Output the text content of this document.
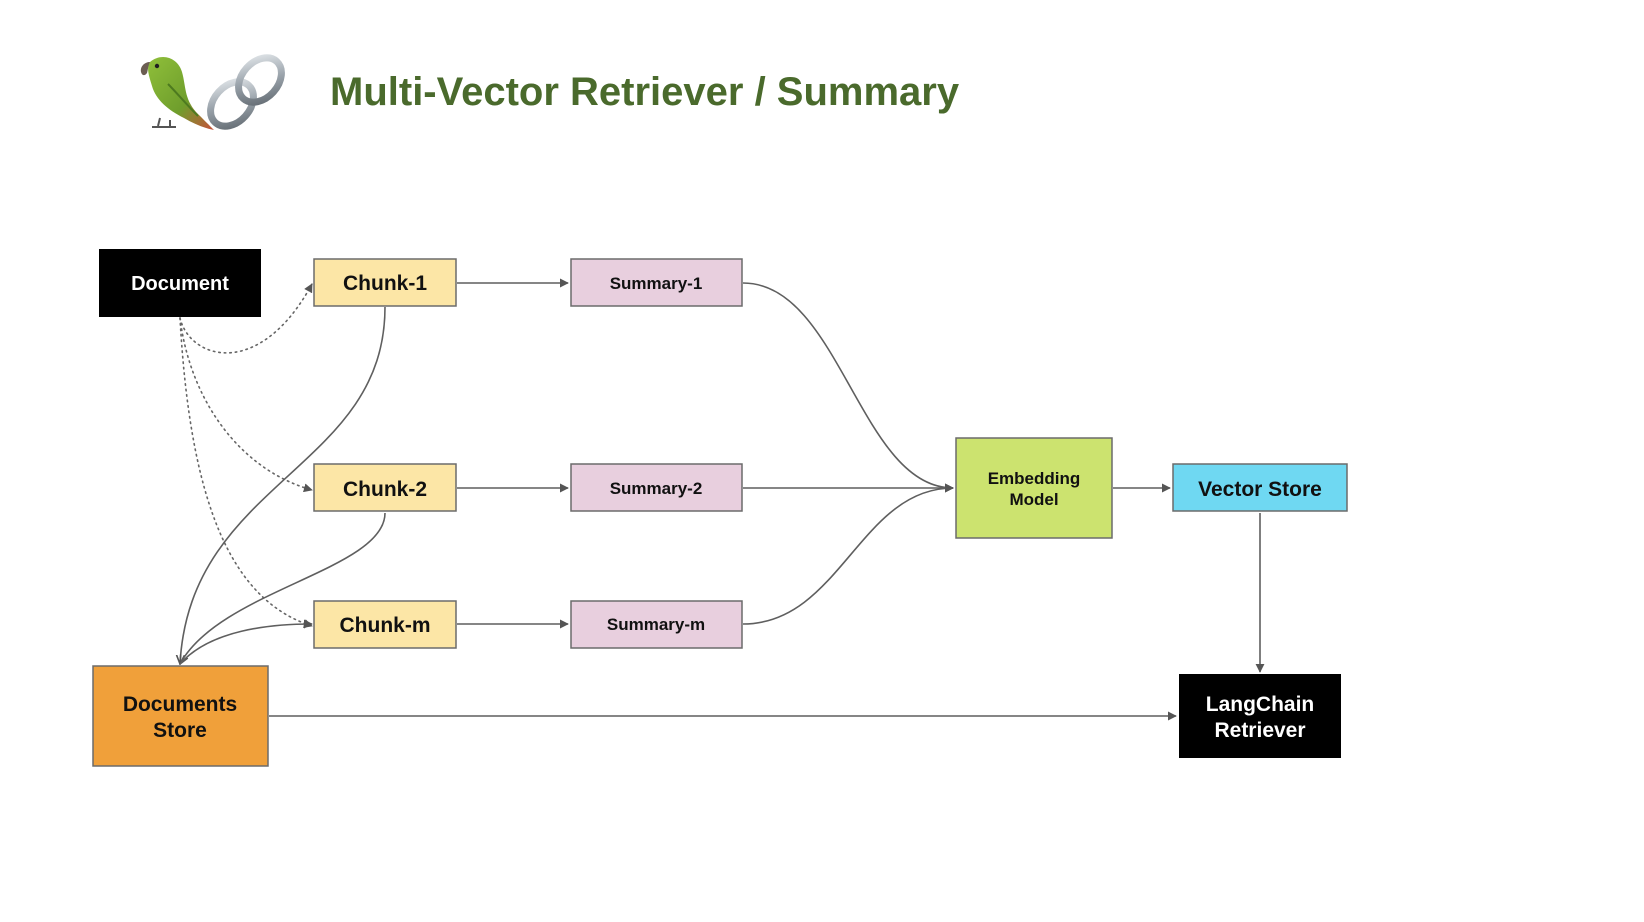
Multi-Vector Retriever / Summary
Document	Chunk-1
Chunk-2
Chunk-m
Summary-1
Summary-2
Summary-m
Embedding
Model	Vector Store
Documents
Store
LangChain
Retriever
